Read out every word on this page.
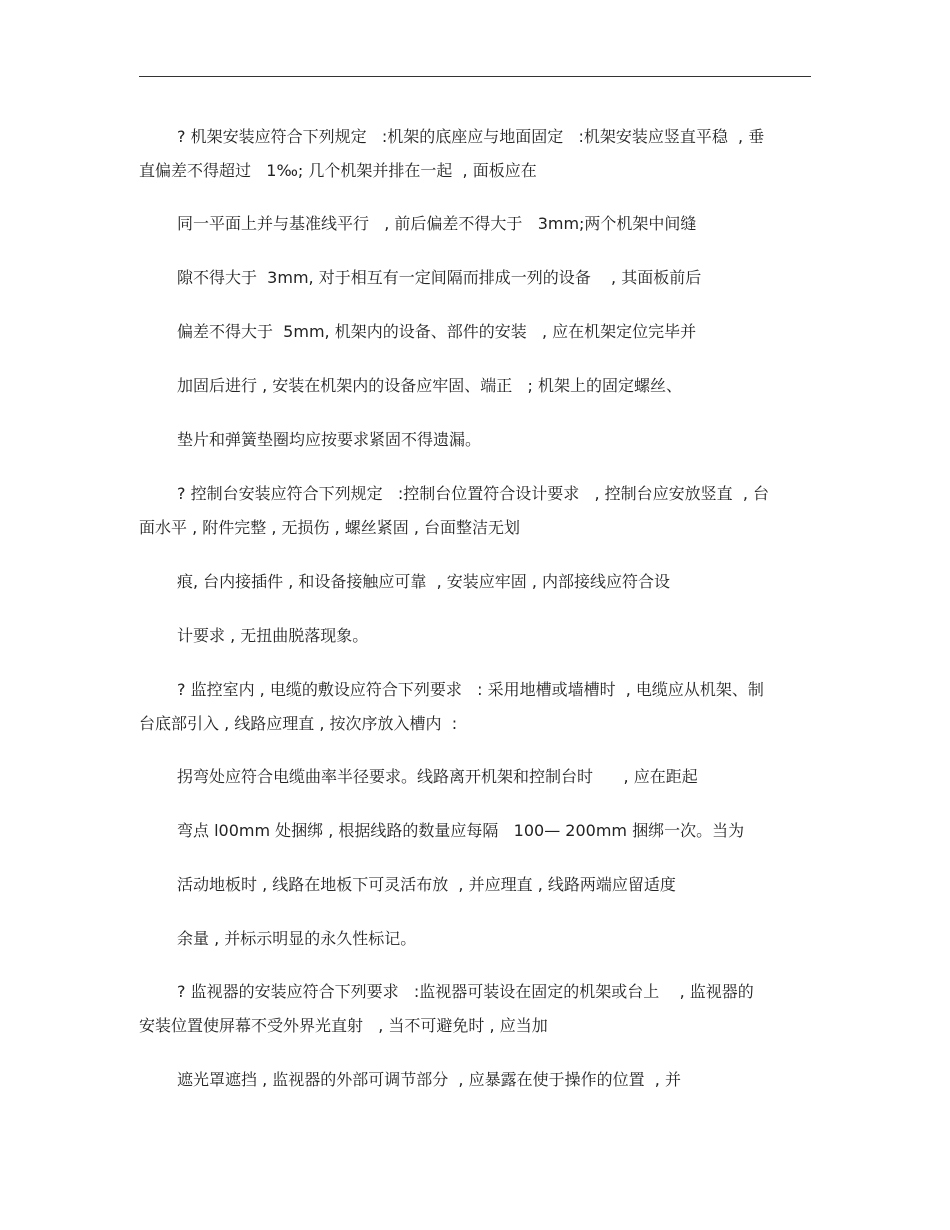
? 机架安装应符合下列规定   :机架的底座应与地面固定   :机架安装应竖直平稳  , 垂
直偏差不得超过   1‰; 几个机架并排在一起  , 面板应在
同一平面上并与基准线平行   , 前后偏差不得大于   3mm;两个机架中间缝
隙不得大于  3mm, 对于相互有一定间隔而排成一列的设备    , 其面板前后
偏差不得大于  5mm, 机架内的设备、部件的安装   , 应在机架定位完毕并
加固后进行 , 安装在机架内的设备应牢固、端正   ; 机架上的固定螺丝、
垫片和弹簧垫圈均应按要求紧固不得遗漏。
? 控制台安装应符合下列规定   :控制台位置符合设计要求   , 控制台应安放竖直  , 台
面水平 , 附件完整 , 无损伤 , 螺丝紧固 , 台面整洁无划
痕, 台内接插件 , 和设备接触应可靠  , 安装应牢固 , 内部接线应符合设
计要求 , 无扭曲脱落现象。
? 监控室内 , 电缆的敷设应符合下列要求   : 采用地槽或墙槽时  , 电缆应从机架、制
台底部引入 , 线路应理直 , 按次序放入槽内  :
拐弯处应符合电缆曲率半径要求。线路离开机架和控制台时      , 应在距起
弯点 l00mm 处捆绑 , 根据线路的数量应每隔   100— 200mm 捆绑一次。当为
活动地板时 , 线路在地板下可灵活布放  , 并应理直 , 线路两端应留适度
余量 , 并标示明显的永久性标记。
? 监视器的安装应符合下列要求   :监视器可装设在固定的机架或台上    , 监视器的
安装位置使屏幕不受外界光直射   , 当不可避免时 , 应当加
遮光罩遮挡 , 监视器的外部可调节部分  , 应暴露在使于操作的位置  , 并
